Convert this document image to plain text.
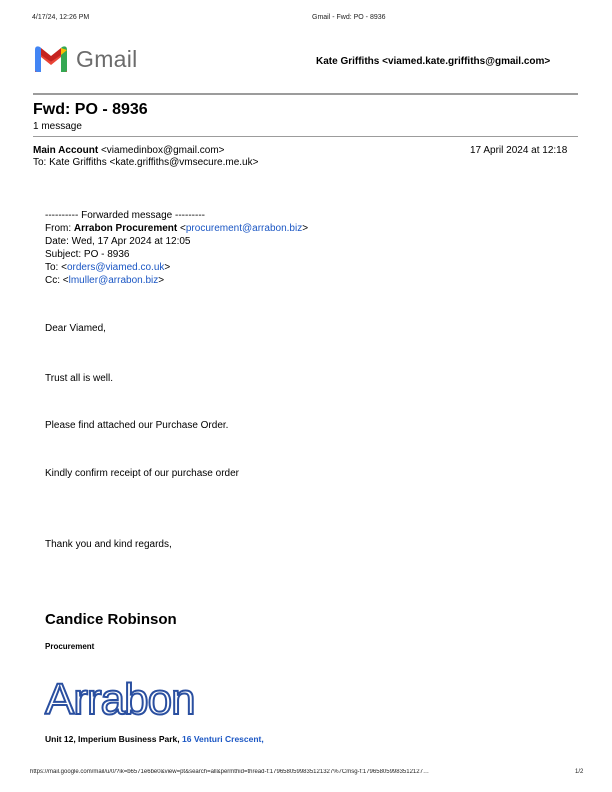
4/17/24, 12:26 PM	Gmail - Fwd: PO - 8936
Gmail	Kate Griffiths <viamed.kate.griffiths@gmail.com>
Fwd: PO - 8936
1 message
Main Account <viamedinbox@gmail.com>	17 April 2024 at 12:18
To: Kate Griffiths <kate.griffiths@vmsecure.me.uk>
---------- Forwarded message ---------
From: Arrabon Procurement <procurement@arrabon.biz>
Date: Wed, 17 Apr 2024 at 12:05
Subject: PO - 8936
To: <orders@viamed.co.uk>
Cc: <lmuller@arrabon.biz>
Dear Viamed,
Trust all is well.
Please find attached our Purchase Order.
Kindly confirm receipt of our purchase order
Thank you and kind regards,
Candice Robinson
Procurement
Arrabon
Unit 12, Imperium Business Park, 16 Venturi Crescent,
https://mail.google.com/mail/u/0/?ik=b6571e6be0&view=pt&search=all&permthid=thread-f:1796580599835121327%7Cmsg-f:179658059983512127…	1/2
